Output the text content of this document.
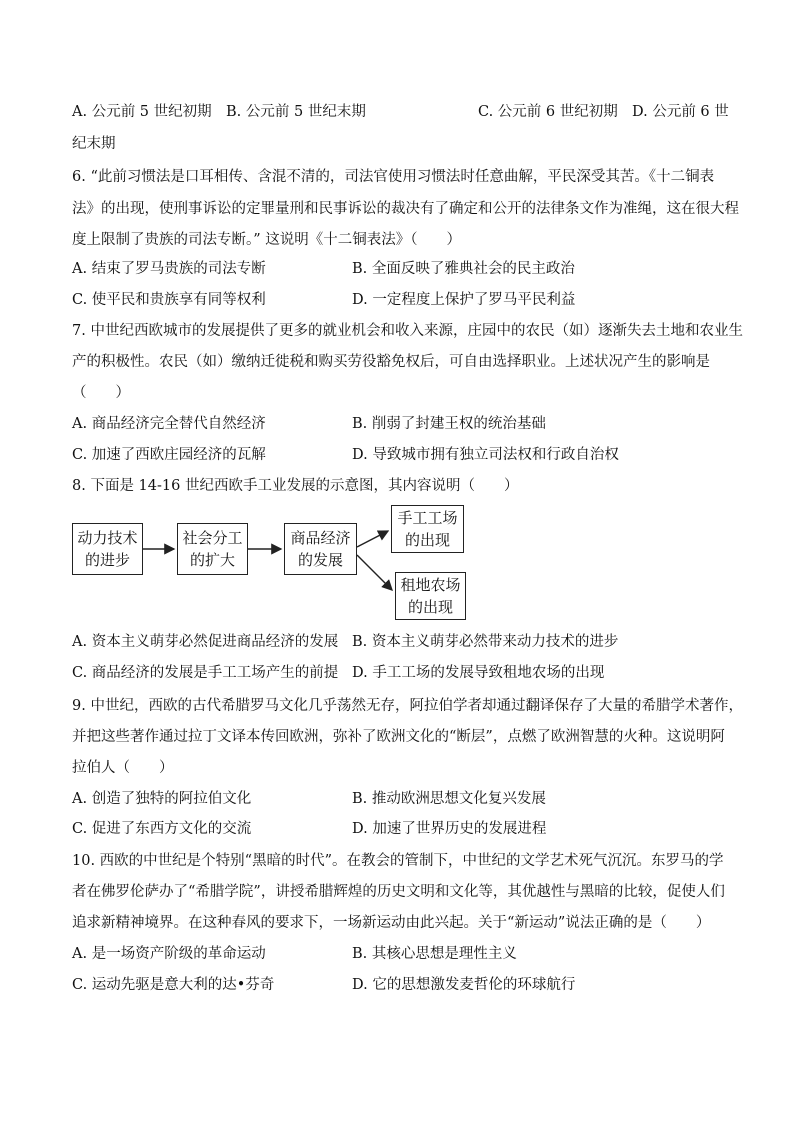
A. 公元前 5 世纪初期 B. 公元前 5 世纪末期	C. 公元前 6 世纪初期 D. 公元前 6 世
纪末期
6. “此前习惯法是口耳相传、含混不清的，司法官使用习惯法时任意曲解，平民深受其苦。《十二铜表
法》的出现，使刑事诉讼的定罪量刑和民事诉讼的裁决有了确定和公开的法律条文作为准绳，这在很大程
度上限制了贵族的司法专断。” 这说明《十二铜表法》（　　）
A. 结束了罗马贵族的司法专断	B. 全面反映了雅典社会的民主政治
C. 使平民和贵族享有同等权利	D. 一定程度上保护了罗马平民利益
7. 中世纪西欧城市的发展提供了更多的就业机会和收入来源，庄园中的农民（如）逐渐失去土地和农业生
产的积极性。农民（如）缴纳迁徙税和购买劳役豁免权后，可自由选择职业。上述状况产生的影响是
（　　）
A. 商品经济完全替代自然经济	B. 削弱了封建王权的统治基础
C. 加速了西欧庄园经济的瓦解	D. 导致城市拥有独立司法权和行政自治权
8. 下面是 14-16 世纪西欧手工业发展的示意图，其内容说明（　　）
动力技术
的进步
社会分工
的扩大
商品经济
的发展
手工工场
的出现
租地农场
的出现
A. 资本主义萌芽必然促进商品经济的发展 B. 资本主义萌芽必然带来动力技术的进步
C. 商品经济的发展是手工工场产生的前提 D. 手工工场的发展导致租地农场的出现
9. 中世纪，西欧的古代希腊罗马文化几乎荡然无存，阿拉伯学者却通过翻译保存了大量的希腊学术著作，
并把这些著作通过拉丁文译本传回欧洲，弥补了欧洲文化的“断层”，点燃了欧洲智慧的火种。这说明阿
拉伯人（　　）
A. 创造了独特的阿拉伯文化	B. 推动欧洲思想文化复兴发展
C. 促进了东西方文化的交流	D. 加速了世界历史的发展进程
10. 西欧的中世纪是个特别“黑暗的时代”。在教会的管制下，中世纪的文学艺术死气沉沉。东罗马的学
者在佛罗伦萨办了“希腊学院”，讲授希腊辉煌的历史文明和文化等，其优越性与黑暗的比较，促使人们
追求新精神境界。在这种春风的要求下，一场新运动由此兴起。关于“新运动”说法正确的是（　　）
A. 是一场资产阶级的革命运动	B. 其核心思想是理性主义
C. 运动先驱是意大利的达•芬奇	D. 它的思想激发麦哲伦的环球航行
